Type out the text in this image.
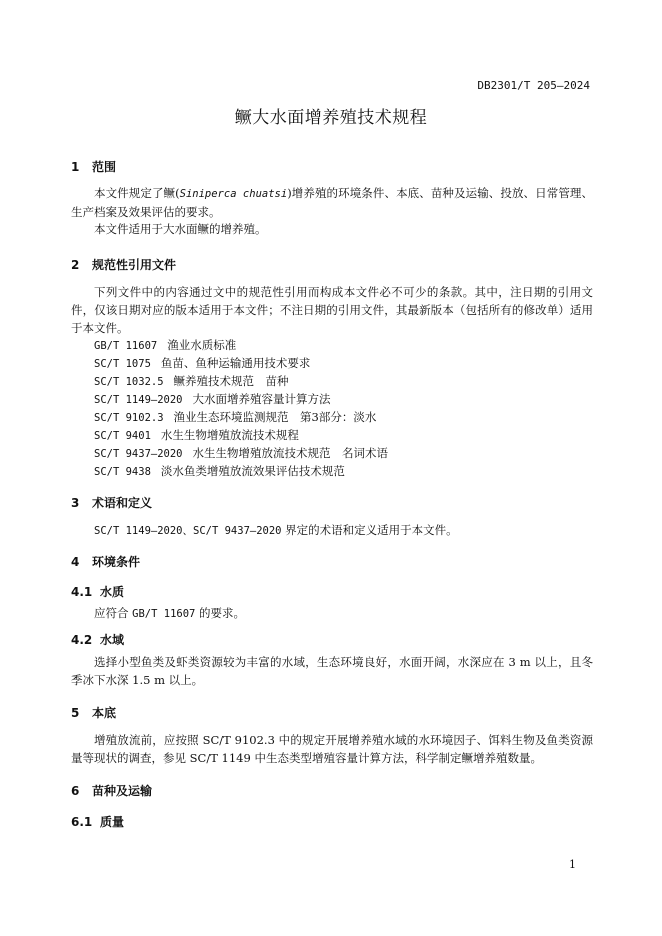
DB2301/T 205—2024
鳜大水面增养殖技术规程
1 范围
本文件规定了鳜(Siniperca chuatsi)增养殖的环境条件、本底、苗种及运输、投放、日常管理、生产档案及效果评估的要求。
本文件适用于大水面鳜的增养殖。
2 规范性引用文件
下列文件中的内容通过文中的规范性引用而构成本文件必不可少的条款。其中，注日期的引用文件，仅该日期对应的版本适用于本文件；不注日期的引用文件，其最新版本（包括所有的修改单）适用于本文件。
GB/T 11607 渔业水质标准
SC/T 1075 鱼苗、鱼种运输通用技术要求
SC/T 1032.5 鳜养殖技术规范　苗种
SC/T 1149—2020 大水面增养殖容量计算方法
SC/T 9102.3 渔业生态环境监测规范　第3部分：淡水
SC/T 9401 水生生物增殖放流技术规程
SC/T 9437—2020 水生生物增殖放流技术规范　名词术语
SC/T 9438 淡水鱼类增殖放流效果评估技术规范
3 术语和定义
SC/T 1149—2020、SC/T 9437—2020 界定的术语和定义适用于本文件。
4 环境条件
4.1 水质
应符合 GB/T 11607 的要求。
4.2 水域
选择小型鱼类及虾类资源较为丰富的水域，生态环境良好，水面开阔，水深应在 3 m 以上，且冬季冰下水深 1.5 m 以上。
5 本底
增殖放流前，应按照 SC/T 9102.3 中的规定开展增养殖水域的水环境因子、饵料生物及鱼类资源量等现状的调查，参见 SC/T 1149 中生态类型增殖容量计算方法，科学制定鳜增养殖数量。
6 苗种及运输
6.1 质量
1
